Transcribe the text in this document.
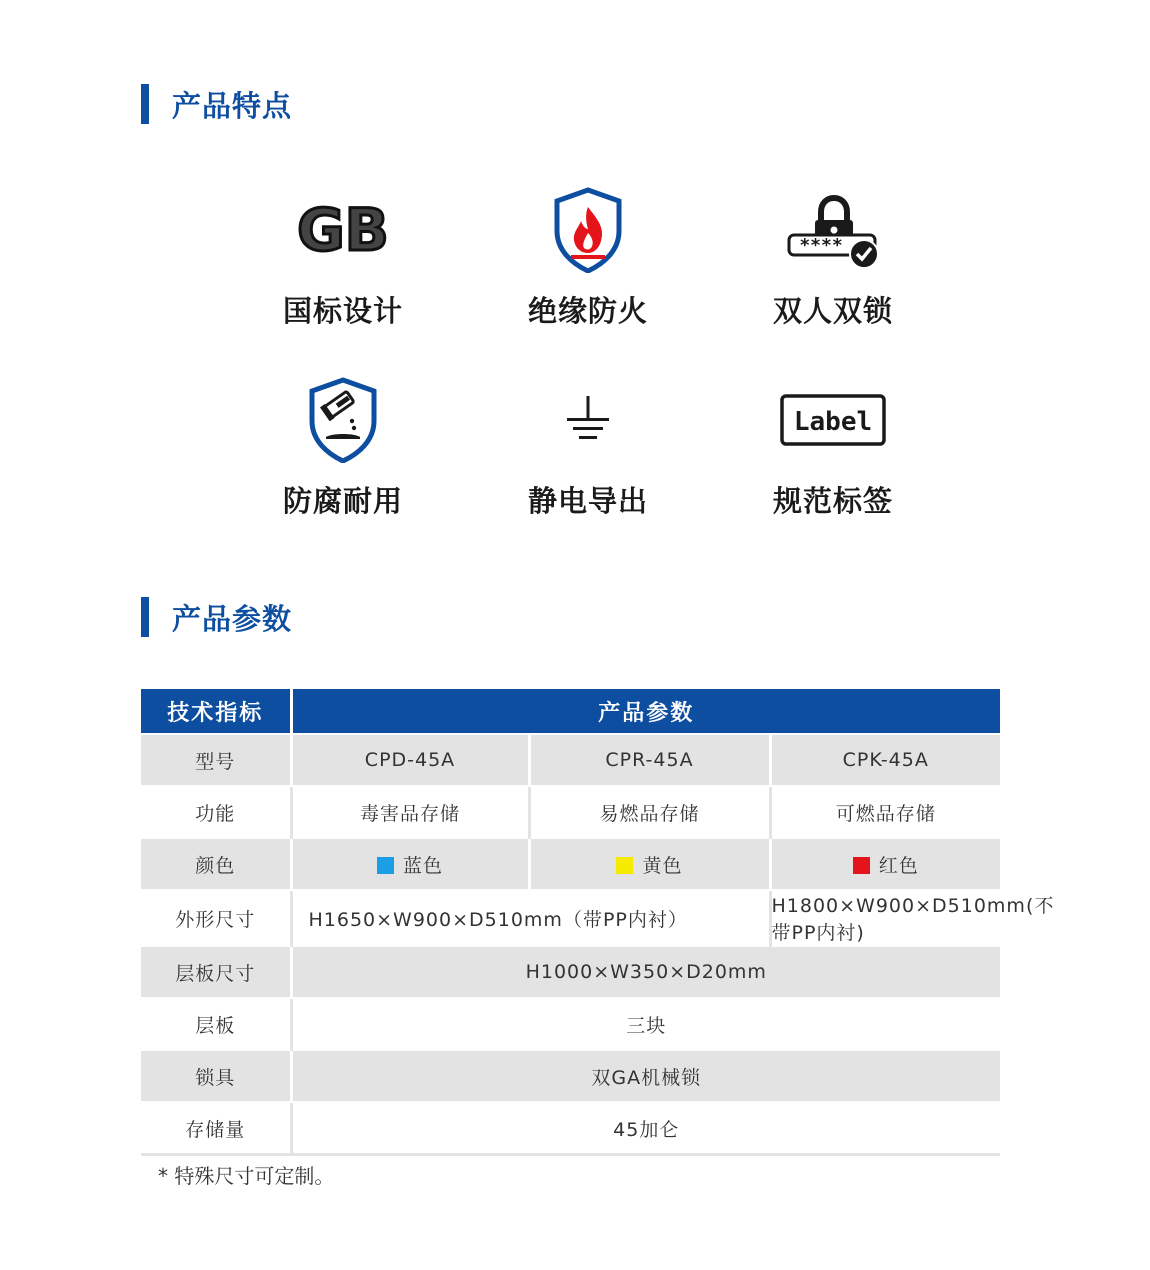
产品特点
GB
国标设计	绝缘防火
****
双人双锁
防腐耐用	静电导出
Label
规范标签
产品参数
技术指标	产品参数		
型号	CPD-45A	CPR-45A	CPK-45A
功能	毒害品存储	易燃品存储	可燃品存储
颜色	蓝色	黄色	红色
外形尺寸	H1650×W900×D510mm（带PP内衬）		H1800×W900×D510mm(不带PP内衬)
层板尺寸	H1000×W350×D20mm		
层板	三块		
锁具	双GA机械锁		
存储量	45加仑		
* 特殊尺寸可定制。
